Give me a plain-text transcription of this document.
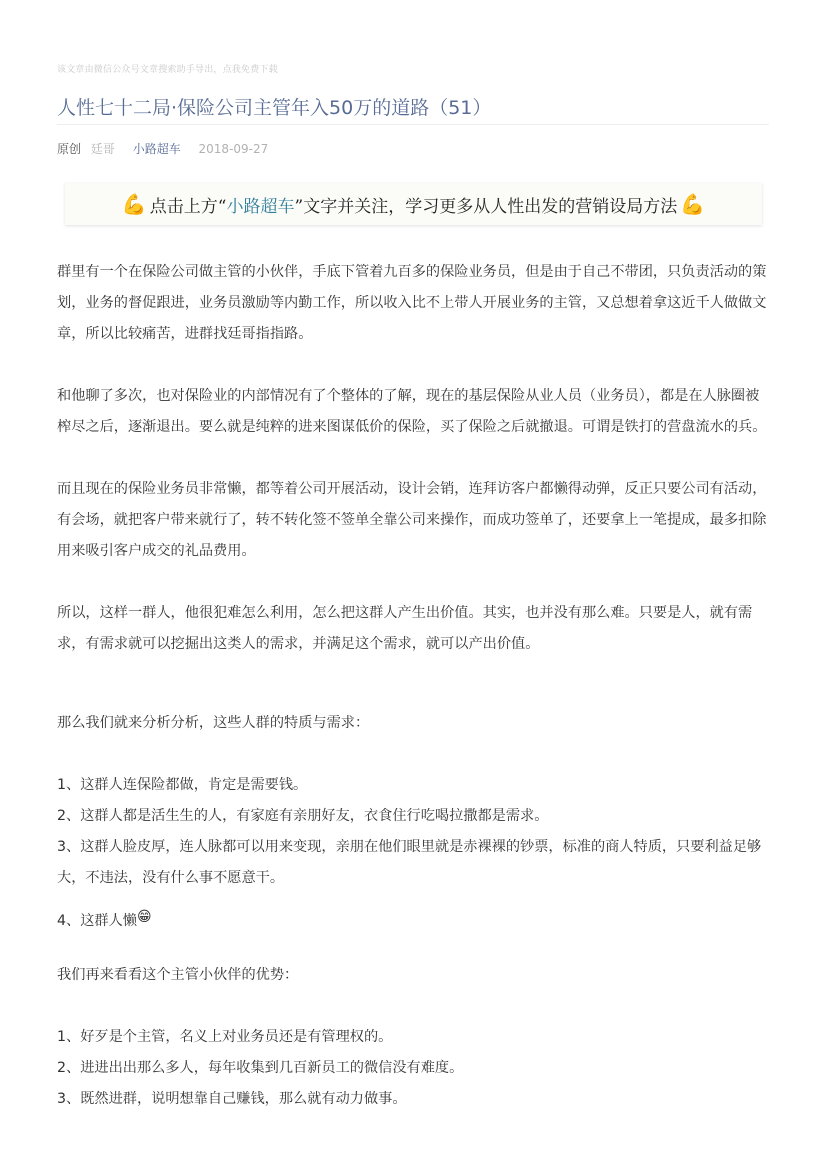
该文章由微信公众号文章搜索助手导出，点我免费下载
人性七十二局·保险公司主管年入50万的道路（51）
原创 廷哥 小路超车 2018-09-27
💪 点击上方“ 小路超车 ”文字并关注，学习更多从人性出发的营销设局方法 💪

群里有一个在保险公司做主管的小伙伴，手底下管着九百多的保险业务员，但是由于自己不带团，只负责活动的策划，业务的督促跟进，业务员激励等内勤工作，所以收入比不上带人开展业务的主管，又总想着拿这近千人做做文章，所以比较痛苦，进群找廷哥指指路。

和他聊了多次，也对保险业的内部情况有了个整体的了解，现在的基层保险从业人员（业务员），都是在人脉圈被榨尽之后，逐渐退出。要么就是纯粹的进来图谋低价的保险，买了保险之后就撤退。可谓是铁打的营盘流水的兵。

而且现在的保险业务员非常懒，都等着公司开展活动，设计会销，连拜访客户都懒得动弹，反正只要公司有活动，有会场，就把客户带来就行了，转不转化签不签单全靠公司来操作，而成功签单了，还要拿上一笔提成，最多扣除用来吸引客户成交的礼品费用。

所以，这样一群人，他很犯难怎么利用，怎么把这群人产生出价值。其实，也并没有那么难。只要是人，就有需求，有需求就可以挖掘出这类人的需求，并满足这个需求，就可以产出价值。

那么我们就来分析分析，这些人群的特质与需求：

1、这群人连保险都做，肯定是需要钱。
2、这群人都是活生生的人，有家庭有亲朋好友，衣食住行吃喝拉撒都是需求。
3、这群人脸皮厚，连人脉都可以用来变现，亲朋在他们眼里就是赤裸裸的钞票，标准的商人特质，只要利益足够大，不违法，没有什么事不愿意干。
4、这群人懒😁

我们再来看看这个主管小伙伴的优势：

1、好歹是个主管，名义上对业务员还是有管理权的。
2、进进出出那么多人，每年收集到几百新员工的微信没有难度。
3、既然进群，说明想靠自己赚钱，那么就有动力做事。
